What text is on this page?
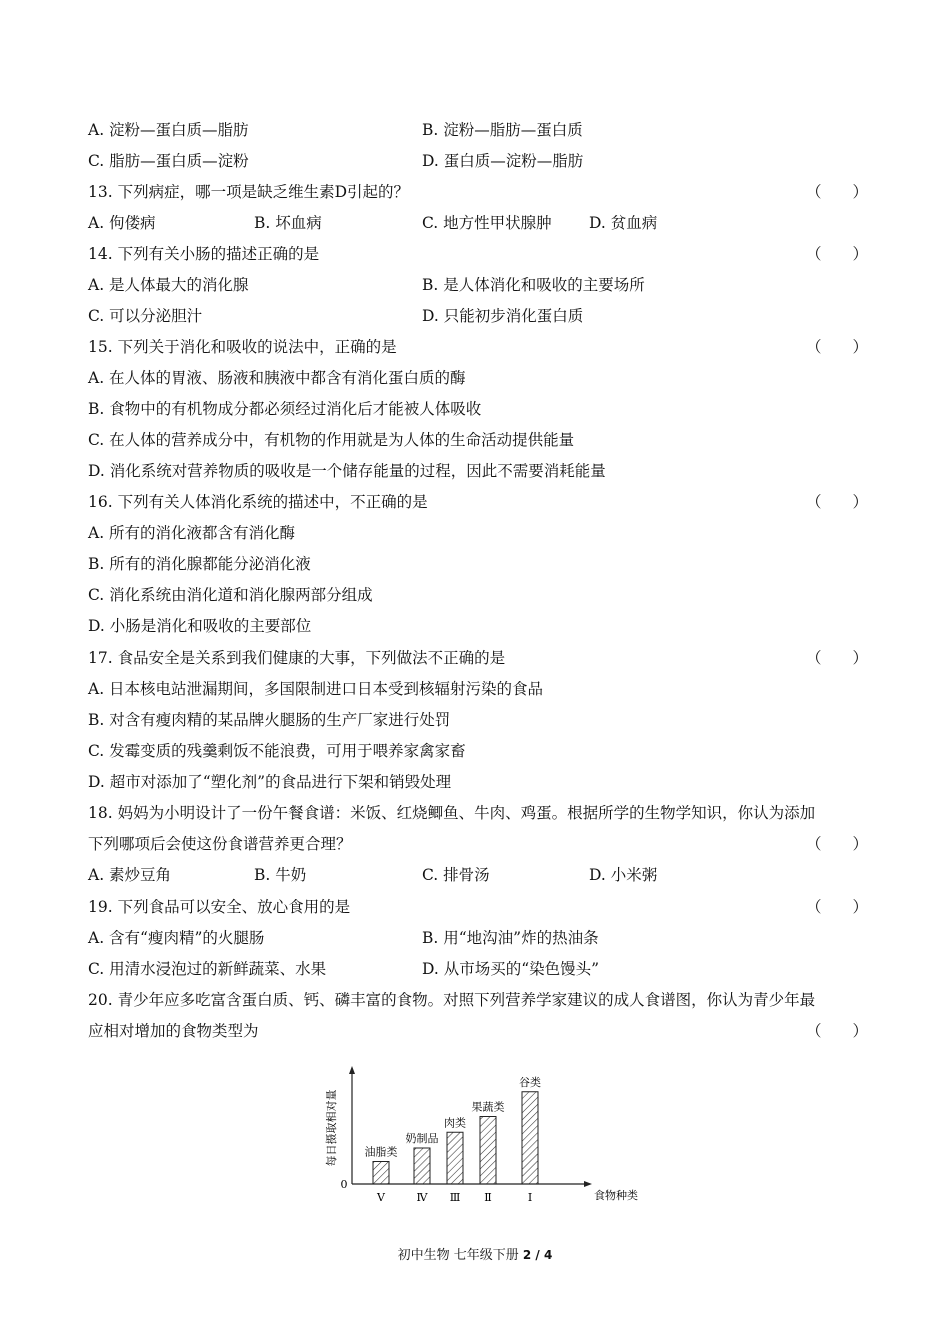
A. 淀粉—蛋白质—脂肪	B. 淀粉—脂肪—蛋白质
C. 脂肪—蛋白质—淀粉	D. 蛋白质—淀粉—脂肪
13. 下列病症，哪一项是缺乏维生素D引起的？	（　　）
A. 佝偻病	B. 坏血病	C. 地方性甲状腺肿 D. 贫血病
14. 下列有关小肠的描述正确的是	（　　）
A. 是人体最大的消化腺	B. 是人体消化和吸收的主要场所
C. 可以分泌胆汁	D. 只能初步消化蛋白质
15. 下列关于消化和吸收的说法中，正确的是	（　　）
A. 在人体的胃液、肠液和胰液中都含有消化蛋白质的酶
B. 食物中的有机物成分都必须经过消化后才能被人体吸收
C. 在人体的营养成分中，有机物的作用就是为人体的生命活动提供能量
D. 消化系统对营养物质的吸收是一个储存能量的过程，因此不需要消耗能量
16. 下列有关人体消化系统的描述中，不正确的是	（　　）
A. 所有的消化液都含有消化酶
B. 所有的消化腺都能分泌消化液
C. 消化系统由消化道和消化腺两部分组成
D. 小肠是消化和吸收的主要部位
17. 食品安全是关系到我们健康的大事，下列做法不正确的是	（　　）
A. 日本核电站泄漏期间，多国限制进口日本受到核辐射污染的食品
B. 对含有瘦肉精的某品牌火腿肠的生产厂家进行处罚
C. 发霉变质的残羹剩饭不能浪费，可用于喂养家禽家畜
D. 超市对添加了“塑化剂”的食品进行下架和销毁处理
18. 妈妈为小明设计了一份午餐食谱：米饭、红烧鲫鱼、牛肉、鸡蛋。根据所学的生物学知识，你认为添加
下列哪项后会使这份食谱营养更合理？	（　　）
A. 素炒豆角	B. 牛奶	C. 排骨汤	D. 小米粥
19. 下列食品可以安全、放心食用的是	（　　）
A. 含有“瘦肉精”的火腿肠	B. 用“地沟油”炸的热油条
C. 用清水浸泡过的新鲜蔬菜、水果	D. 从市场买的“染色馒头”
20. 青少年应多吃富含蛋白质、钙、磷丰富的食物。对照下列营养学家建议的成人食谱图，你认为青少年最
应相对增加的食物类型为	（　　）
0
每日摄取相对量
食物种类
油脂类
Ⅴ
奶制品
Ⅳ
肉类
Ⅲ
果蔬类
Ⅱ
谷类
Ⅰ
初中生物 七年级下册 2 / 4
